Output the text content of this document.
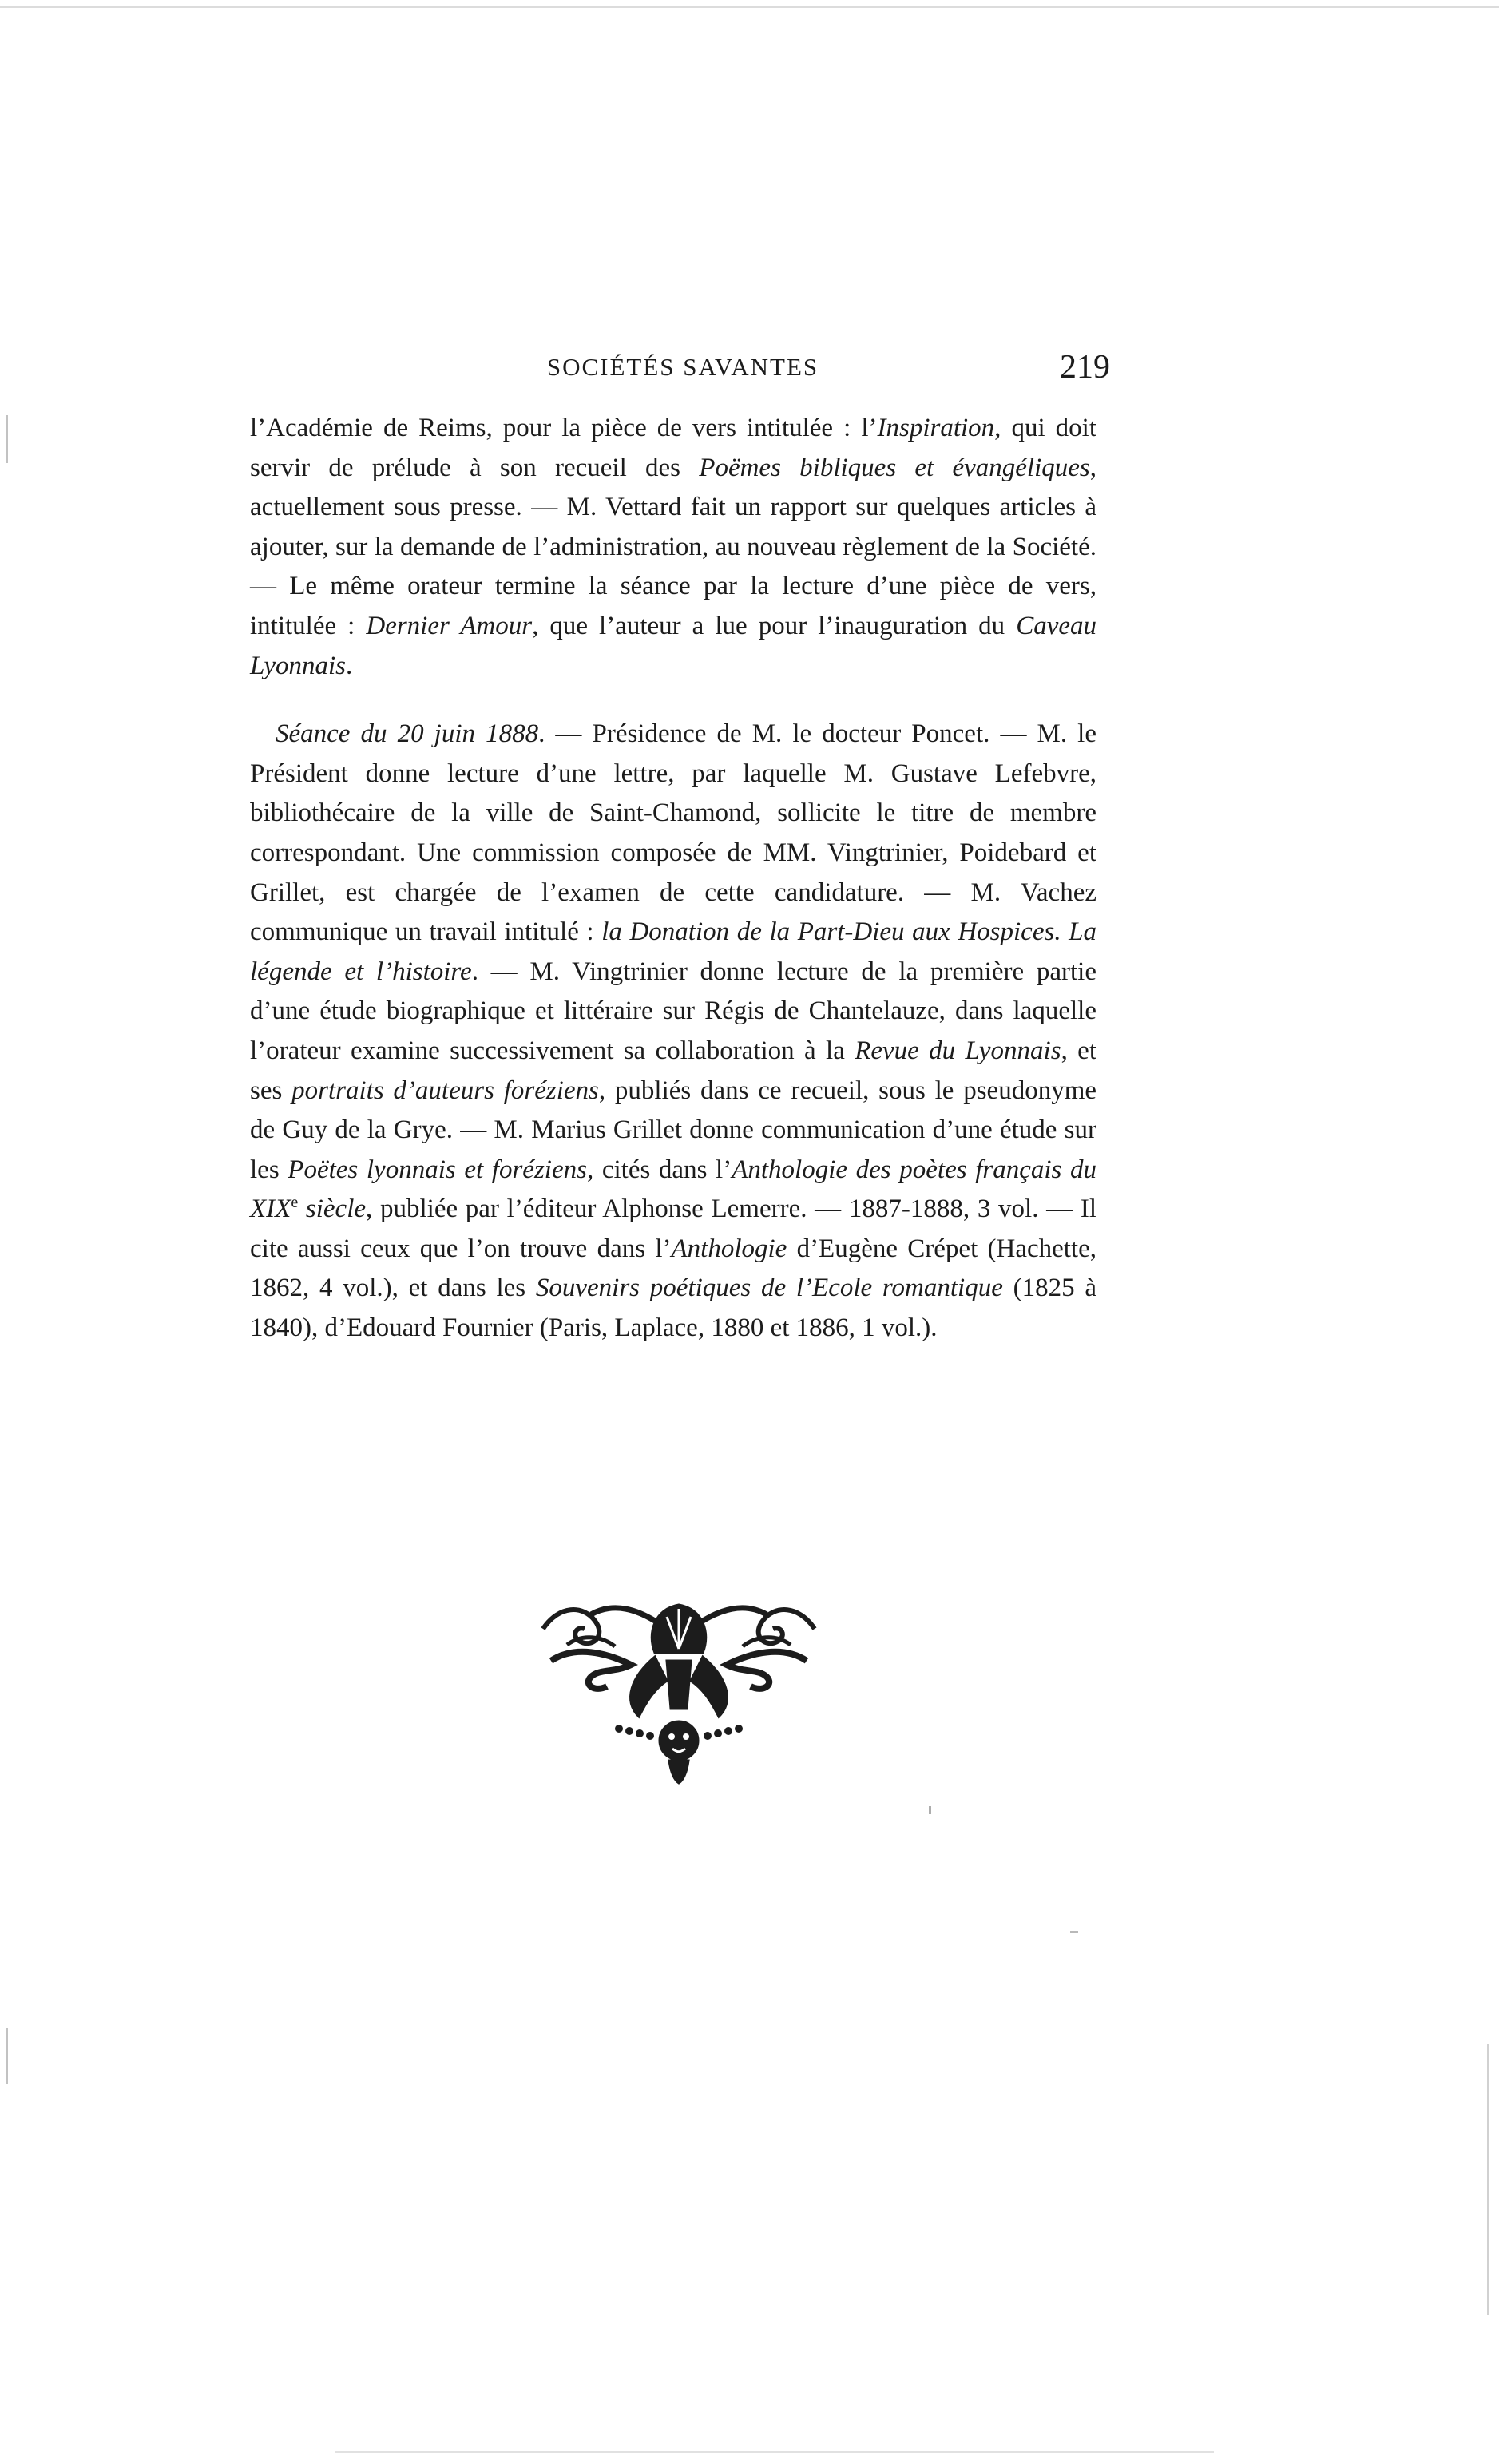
SOCIÉTÉS SAVANTES	219

l’Académie de Reims, pour la pièce de vers intitulée : l’Inspiration, qui doit servir de prélude à son recueil des Poëmes bibliques et évangéliques, actuellement sous presse. — M. Vettard fait un rapport sur quelques articles à ajouter, sur la demande de l’administration, au nouveau règlement de la Société. — Le même orateur termine la séance par la lecture d’une pièce de vers, intitulée : Dernier Amour, que l’auteur a lue pour l’inauguration du Caveau Lyonnais.

Séance du 20 juin 1888. — Présidence de M. le docteur Poncet. — M. le Président donne lecture d’une lettre, par laquelle M. Gustave Lefebvre, bibliothécaire de la ville de Saint-Chamond, sollicite le titre de membre correspondant. Une commission composée de MM. Vingtrinier, Poidebard et Grillet, est chargée de l’examen de cette candidature. — M. Vachez communique un travail intitulé : la Donation de la Part-Dieu aux Hospices. La légende et l’histoire. — M. Vingtrinier donne lecture de la première partie d’une étude biographique et littéraire sur Régis de Chantelauze, dans laquelle l’orateur examine successivement sa collaboration à la Revue du Lyonnais, et ses portraits d’auteurs foréziens, publiés dans ce recueil, sous le pseudonyme de Guy de la Grye. — M. Marius Grillet donne communication d’une étude sur les Poëtes lyonnais et foréziens, cités dans l’Anthologie des poètes français du XIXe siècle, publiée par l’éditeur Alphonse Lemerre. — 1887-1888, 3 vol. — Il cite aussi ceux que l’on trouve dans l’Anthologie d’Eugène Crépet (Hachette, 1862, 4 vol.), et dans les Souvenirs poétiques de l’Ecole romantique (1825 à 1840), d’Edouard Fournier (Paris, Laplace, 1880 et 1886, 1 vol.).
